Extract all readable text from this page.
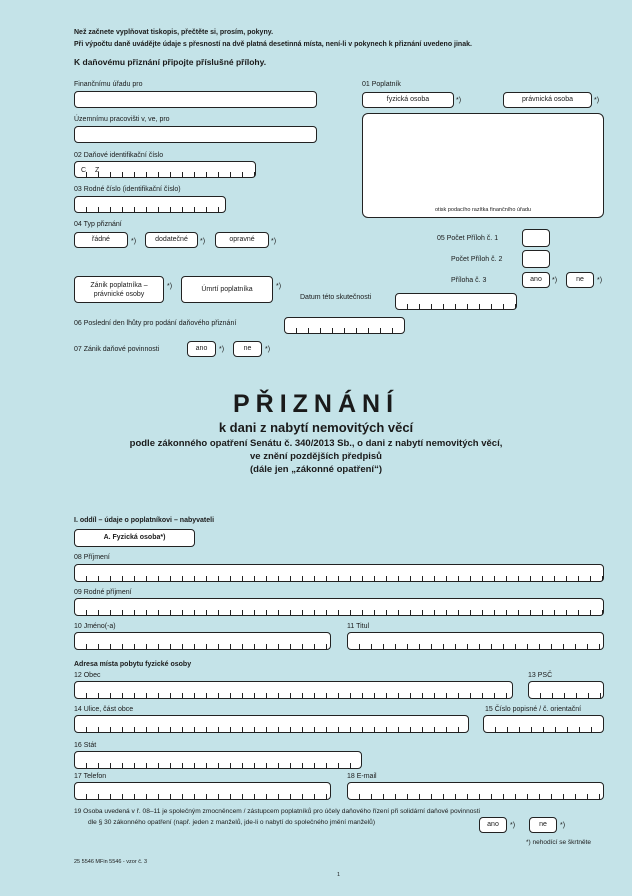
Než začnete vyplňovat tiskopis, přečtěte si, prosím, pokyny.
Při výpočtu daně uvádějte údaje s přesností na dvě platná desetinná místa, není-li v pokynech k přiznání uvedeno jinak.
K daňovému přiznání připojte příslušné přílohy.
Finančnímu úřadu pro
Územnímu pracovišti v, ve, pro
02 Daňové identifikační číslo
C Z
03 Rodné číslo (identifikační číslo)
04 Typ přiznání
řádné	*)	dodatečné	*)	opravné	*)
01 Poplatník
fyzická osoba	*)	právnická osoba	*)
otisk podacího razítka finančního úřadu
05 Počet Příloh č. 1
Počet Příloh č. 2
Příloha č. 3	ano	*)	ne	*)
Zánik poplatníka –
právnické osoby
*)	Úmrtí poplatníka	*)
Datum této skutečnosti
06 Poslední den lhůty pro podání daňového přiznání
07 Zánik daňové povinnosti	ano	*)	ne	*)
PŘIZNÁNÍ
k dani z nabytí nemovitých věcí
podle zákonného opatření Senátu č. 340/2013 Sb., o dani z nabytí nemovitých věcí,
ve znění pozdějších předpisů
(dále jen „zákonné opatření“)
I. oddíl – údaje o poplatníkovi – nabyvateli
A. Fyzická osoba*)
08 Příjmení
09 Rodné příjmení
10 Jméno(-a)	11 Titul
Adresa místa pobytu fyzické osoby
12 Obec	13 PSČ
14 Ulice, část obce	15 Číslo popisné / č. orientační
16 Stát
17 Telefon	18 E-mail
19 Osoba uvedená v ř. 08–11 je společným zmocněncem / zástupcem poplatníků pro účely daňového řízení při solidární daňové povinnosti
dle § 30 zákonného opatření (např. jeden z manželů, jde-li o nabytí do společného jmění manželů)	ano	*)	ne	*)
*) nehodící se škrtněte
25 5546 MFin 5546 - vzor č. 3
1
